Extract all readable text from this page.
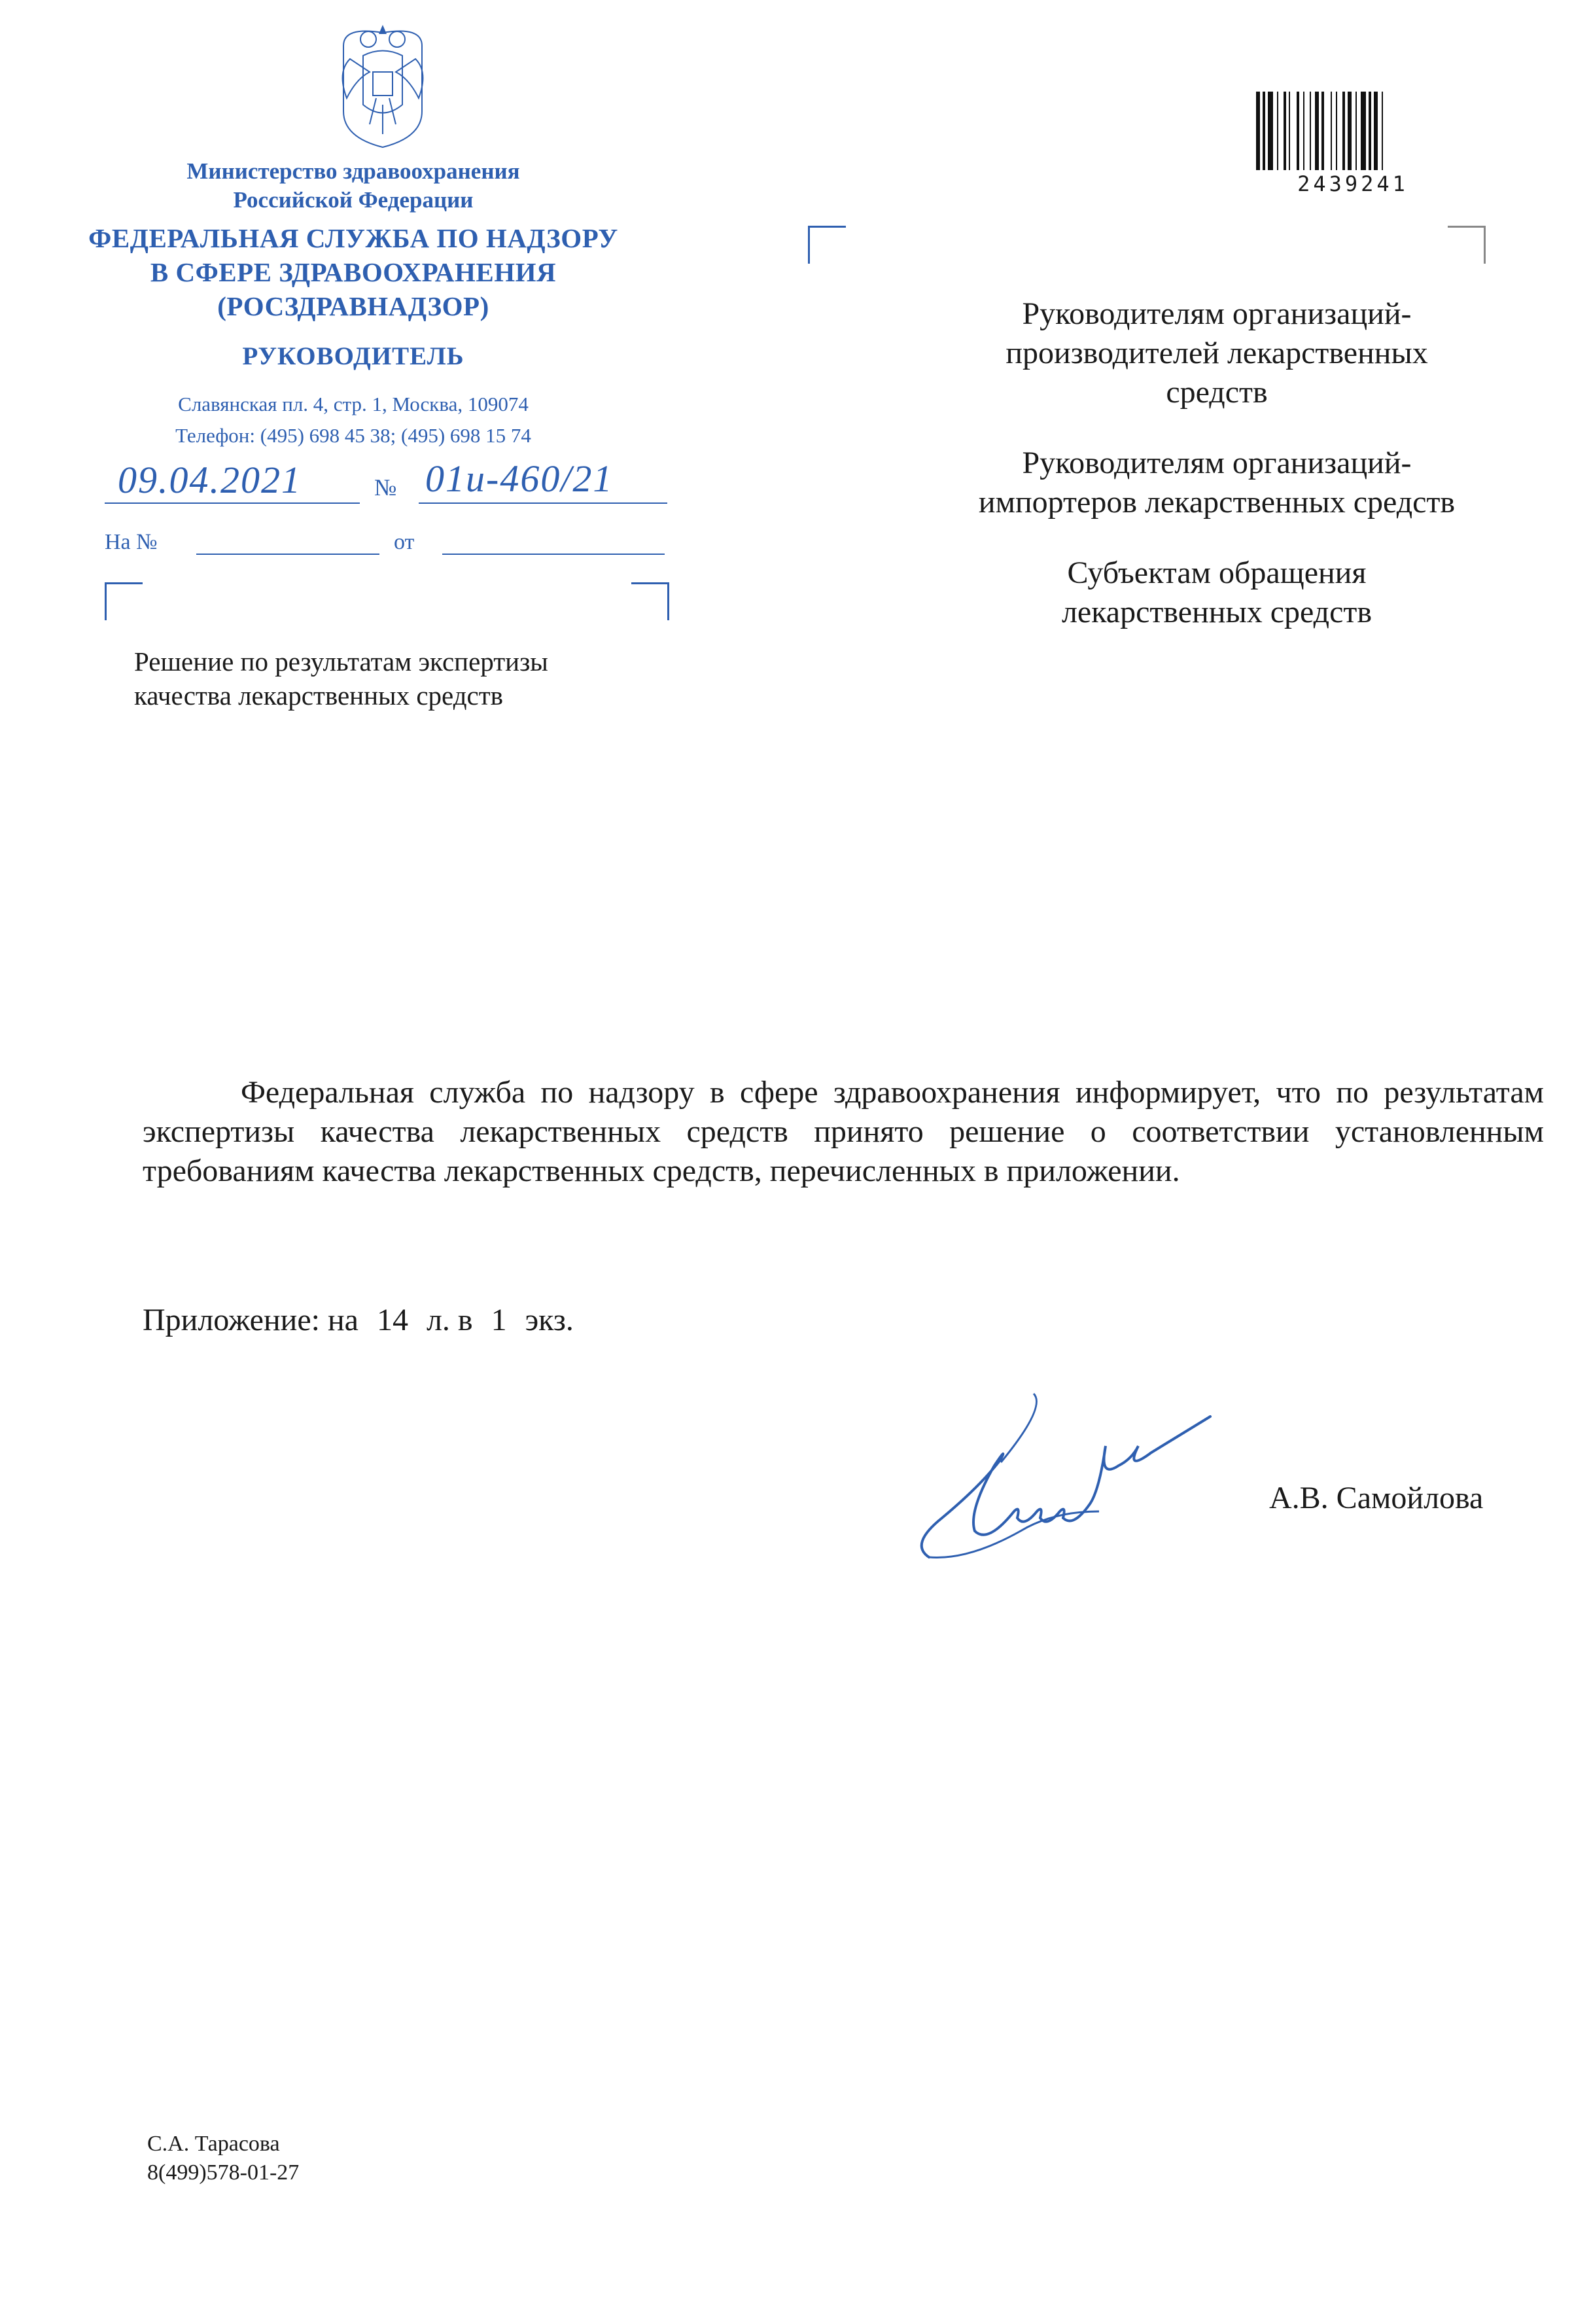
Министерство здравоохранения
Российской Федерации
ФЕДЕРАЛЬНАЯ СЛУЖБА ПО НАДЗОРУ
В СФЕРЕ ЗДРАВООХРАНЕНИЯ
(РОСЗДРАВНАДЗОР)
РУКОВОДИТЕЛЬ
Славянская пл. 4, стр. 1, Москва, 109074
Телефон: (495) 698 45 38; (495) 698 15 74
09.04.2021	№ 01и-460/21
На №	от
Решение по результатам экспертизы
качества лекарственных средств
2439241
Руководителям организаций-
производителей лекарственных
средств
Руководителям организаций-
импортеров лекарственных средств
Субъектам обращения
лекарственных средств

Федеральная служба по надзору в сфере здравоохранения информирует, что по результатам экспертизы качества лекарственных средств принято решение о соответствии установленным требованиям качества лекарственных средств, перечисленных в приложении.

Приложение: на 14 л. в 1 экз.
А.В. Самойлова
С.А. Тарасова
8(499)578-01-27
